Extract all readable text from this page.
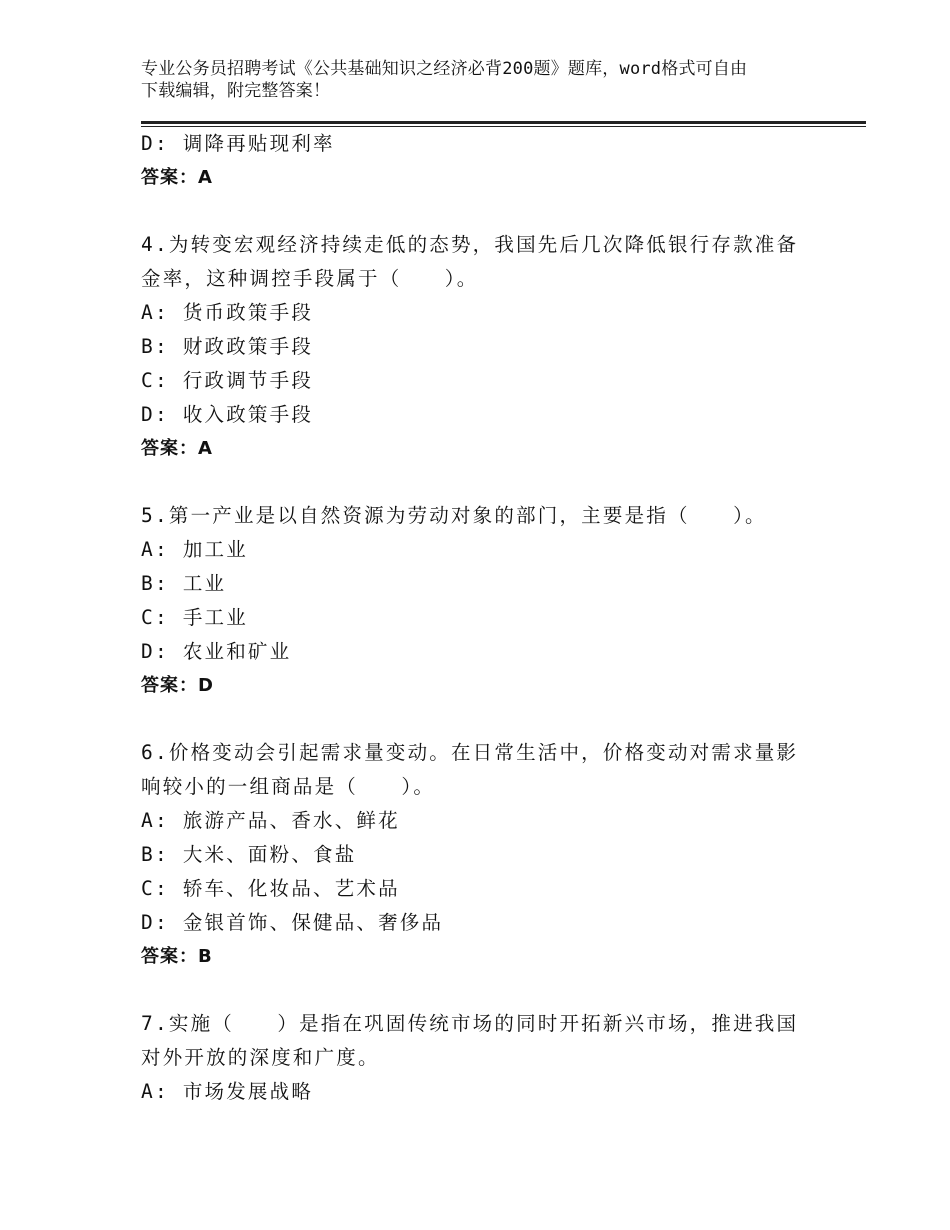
专业公务员招聘考试《公共基础知识之经济必背200题》题库，word格式可自由
下载编辑，附完整答案！
D: 调降再贴现利率
答案：A
4.为转变宏观经济持续走低的态势，我国先后几次降低银行存款准备
金率，这种调控手段属于（　　）。
A: 货币政策手段
B: 财政政策手段
C: 行政调节手段
D: 收入政策手段
答案：A
5.第一产业是以自然资源为劳动对象的部门，主要是指（　　）。
A: 加工业
B: 工业
C: 手工业
D: 农业和矿业
答案：D
6.价格变动会引起需求量变动。在日常生活中，价格变动对需求量影
响较小的一组商品是（　　）。
A: 旅游产品、香水、鲜花
B: 大米、面粉、食盐
C: 轿车、化妆品、艺术品
D: 金银首饰、保健品、奢侈品
答案：B
7.实施（　　）是指在巩固传统市场的同时开拓新兴市场，推进我国
对外开放的深度和广度。
A: 市场发展战略
